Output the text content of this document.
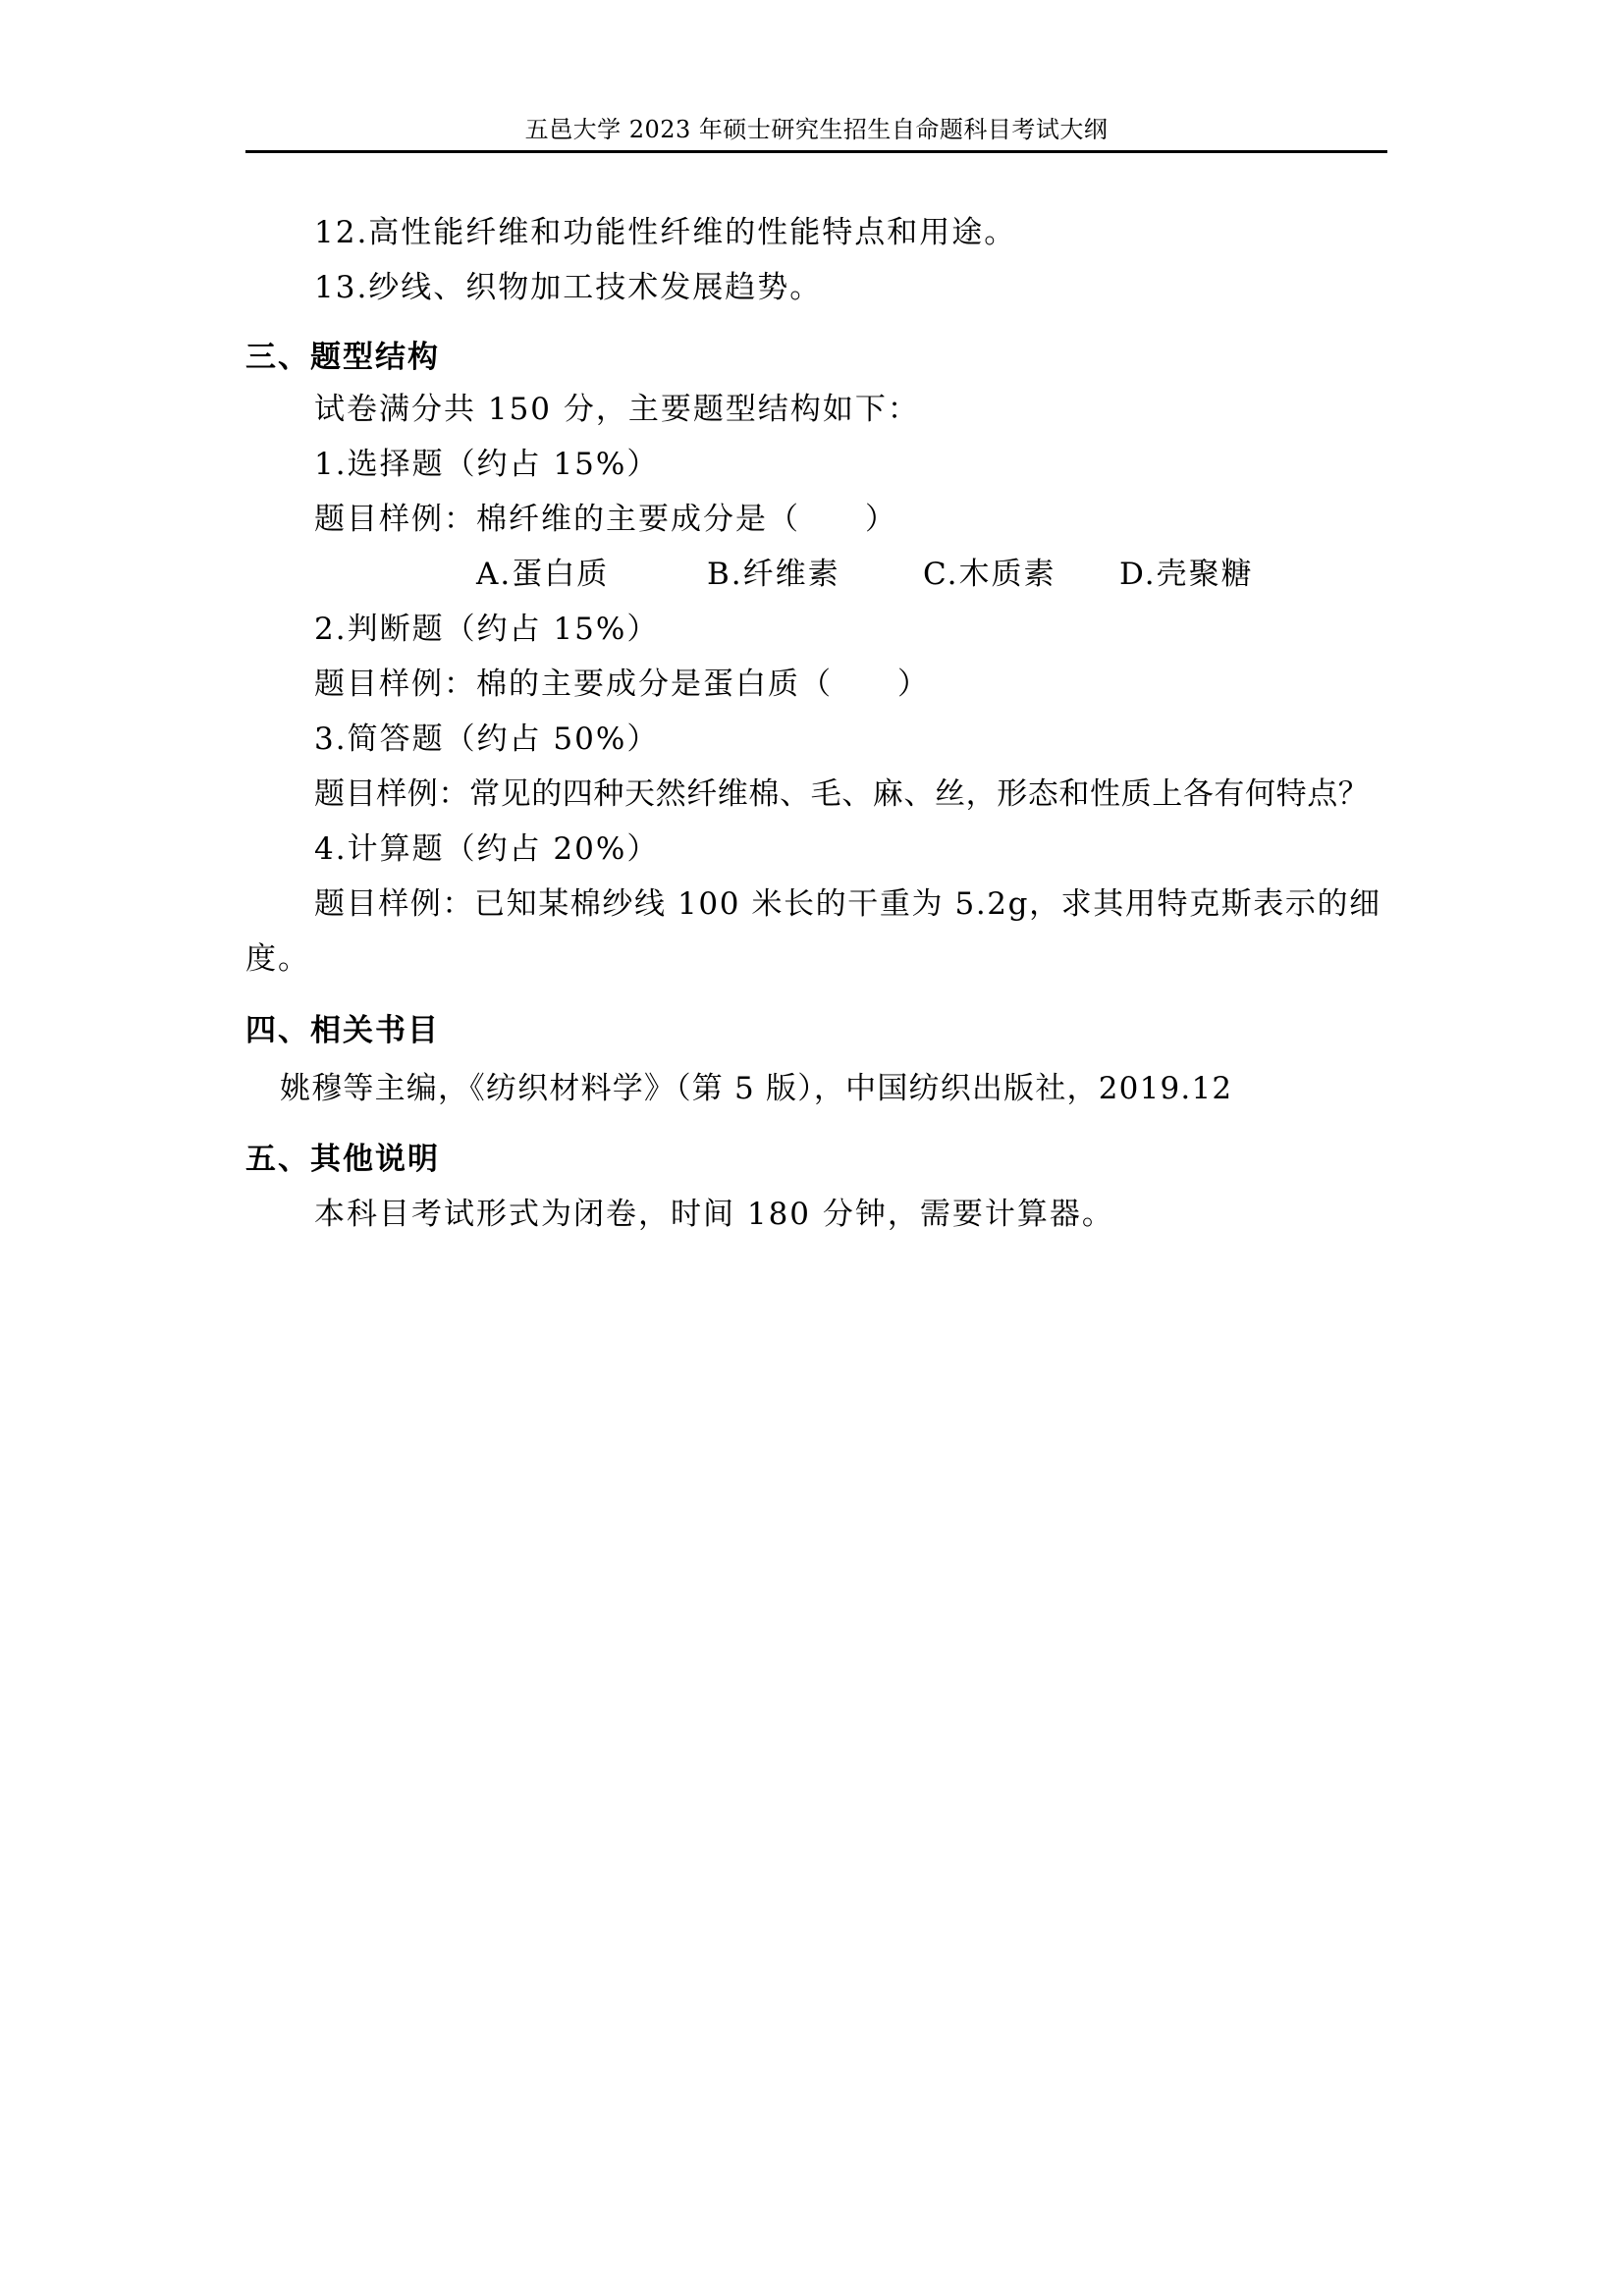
五邑大学 2023 年硕士研究生招生自命题科目考试大纲
12.高性能纤维和功能性纤维的性能特点和用途。
13.纱线、织物加工技术发展趋势。
三、题型结构
试卷满分共 150 分，主要题型结构如下：
1.选择题（约占 15%）
题目样例：棉纤维的主要成分是（　　）
A.蛋白质	B.纤维素	C.木质素 D.壳聚糖
2.判断题（约占 15%）
题目样例：棉的主要成分是蛋白质（　　）
3.简答题（约占 50%）
题目样例：常见的四种天然纤维棉、毛、麻、丝，形态和性质上各有何特点？
4.计算题（约占 20%）
题目样例：已知某棉纱线 100 米长的干重为 5.2g，求其用特克斯表示的细
度。
四、相关书目
姚穆等主编，《纺织材料学》（第 5 版），中国纺织出版社，2019.12
五、其他说明
本科目考试形式为闭卷，时间 180 分钟，需要计算器。
